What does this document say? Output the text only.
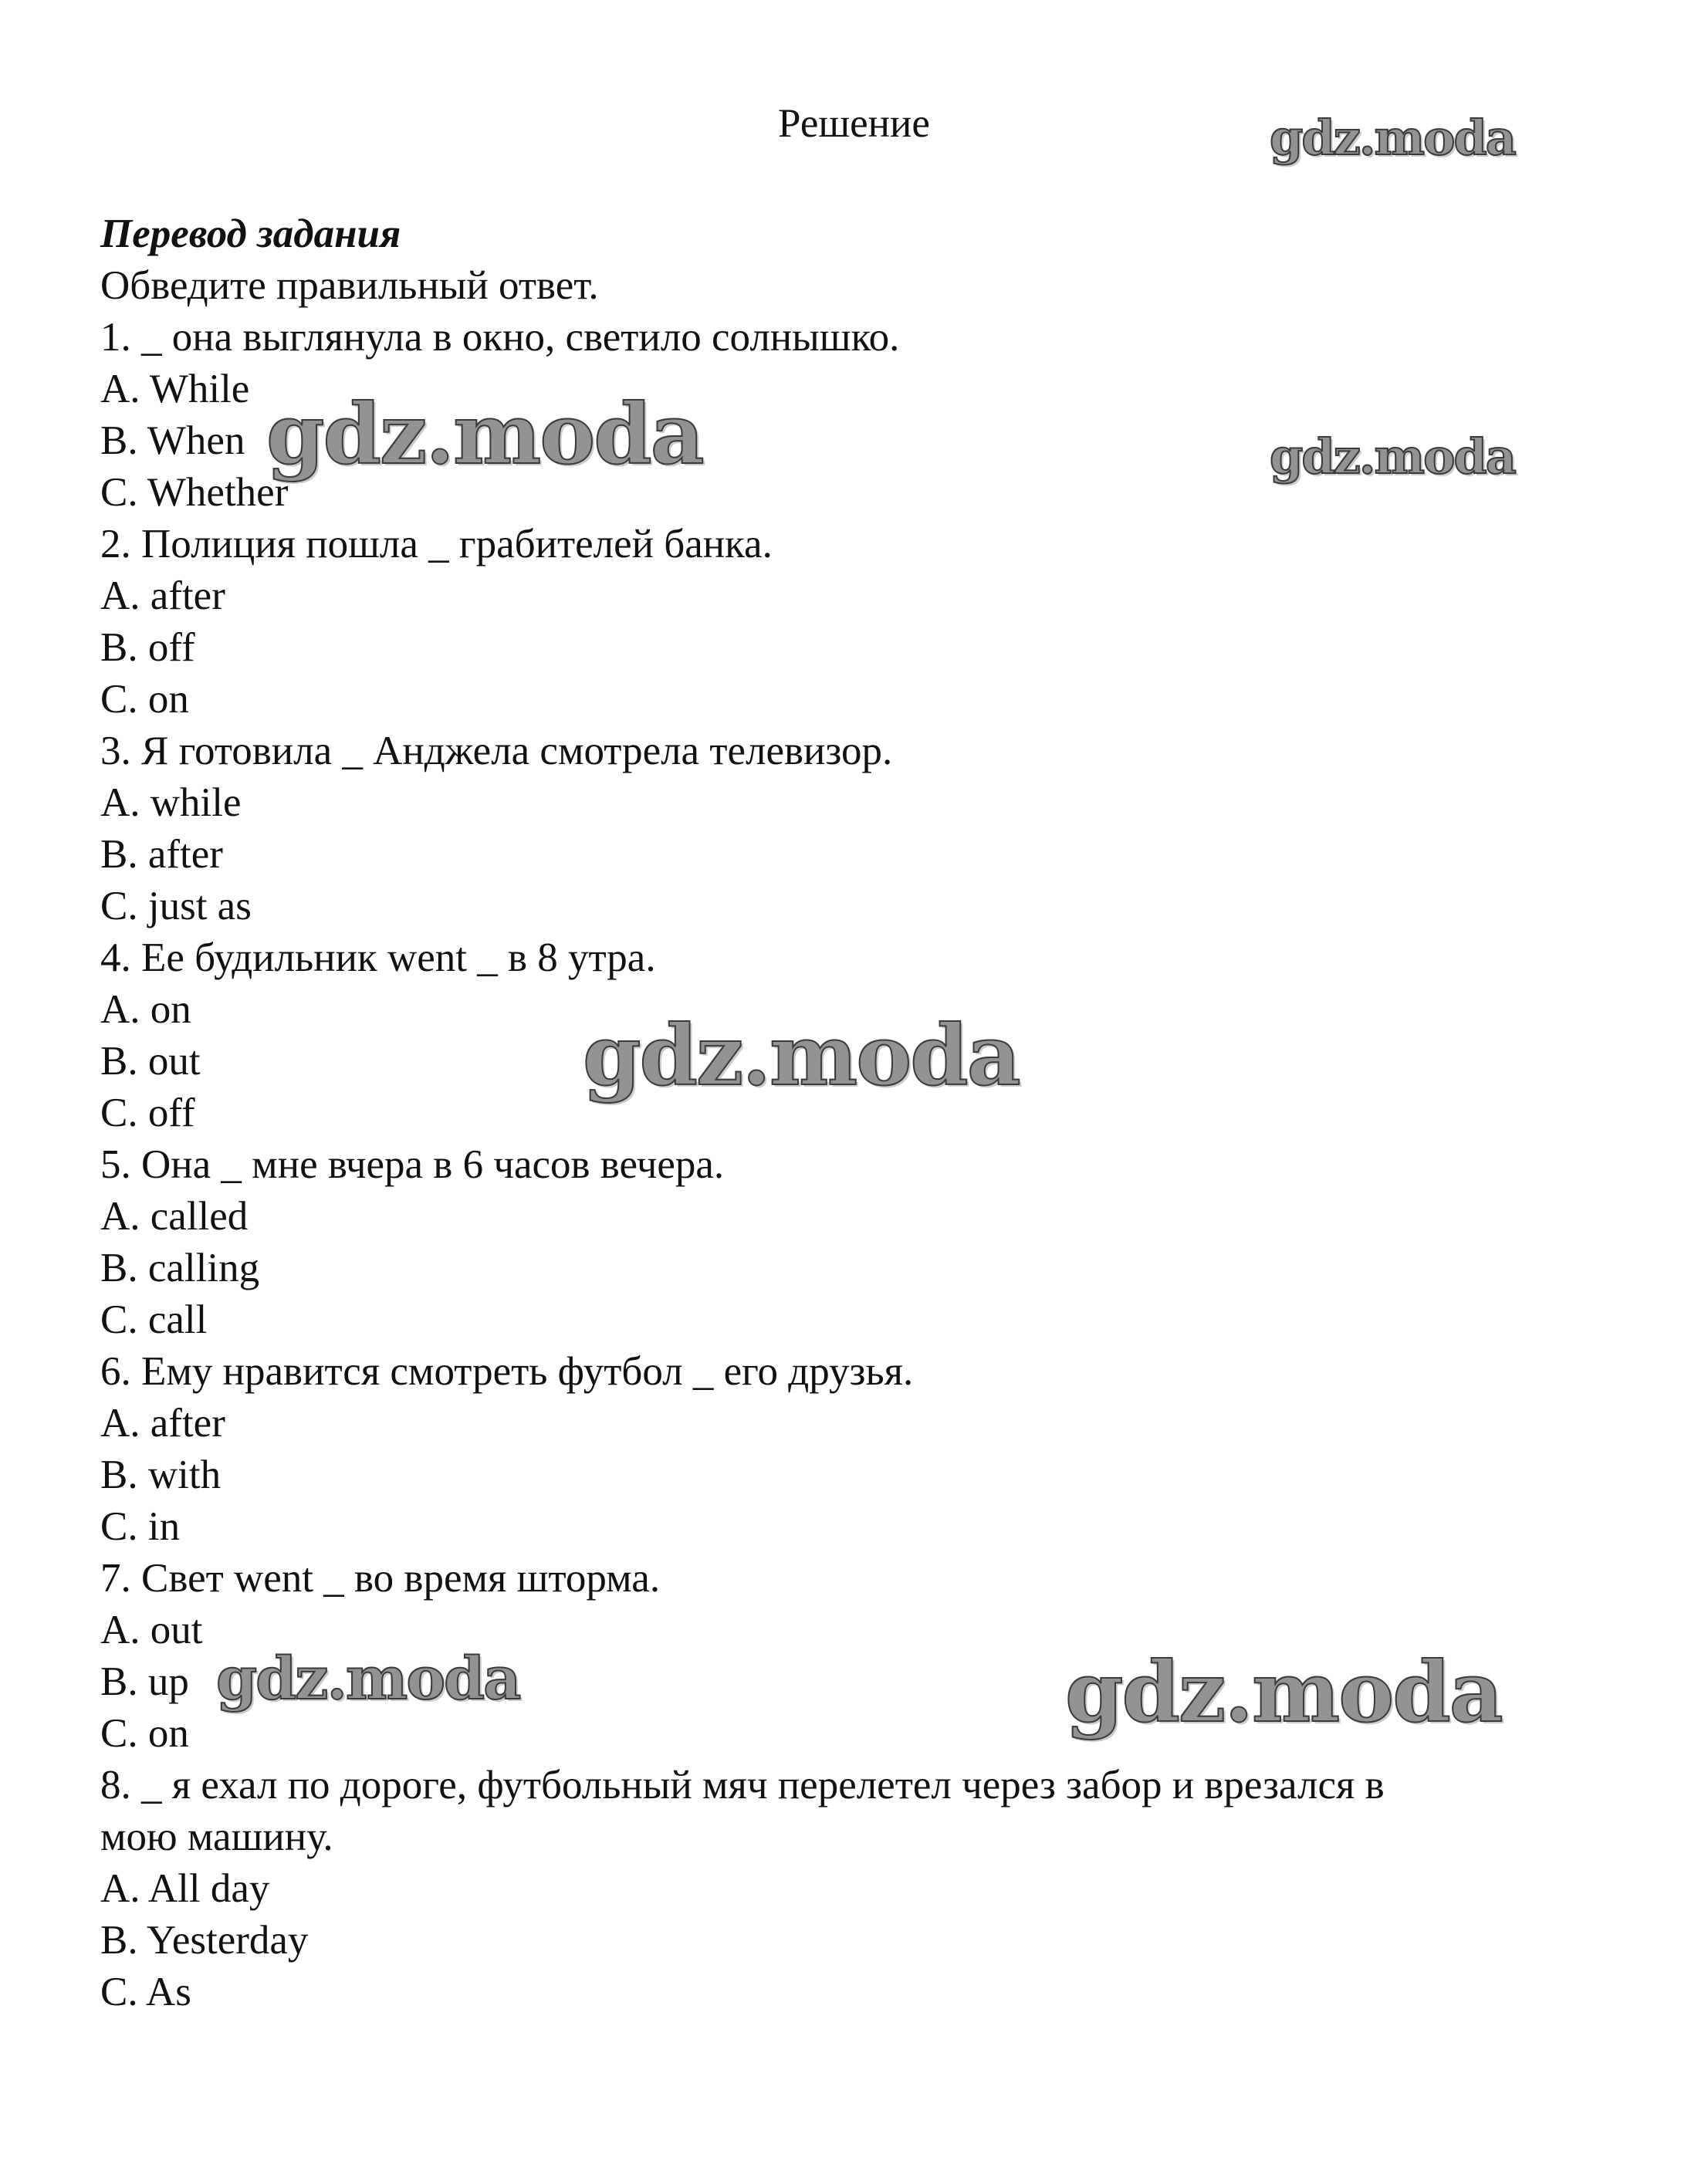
Решение
Перевод задания
Обведите правильный ответ.
1. _ она выглянула в окно, светило солнышко.
A. While
B. When
C. Whether
2. Полиция пошла _ грабителей банка.
A. after
B. off
C. on
3. Я готовила _ Анджела смотрела телевизор.
A. while
B. after
C. just as
4. Ее будильник went _ в 8 утра.
A. on
B. out
C. off
5. Она _ мне вчера в 6 часов вечера.
A. called
B. calling
C. call
6. Ему нравится смотреть футбол _ его друзья.
A. after
B. with
C. in
7. Свет went _ во время шторма.
A. out
B. up
C. on
8. _ я ехал по дороге, футбольный мяч перелетел через забор и врезался в
мою машину.
A. All day
B. Yesterday
C. As
gdz.moda
gdz.moda	gdz.moda
gdz.moda
gdz.moda	gdz.moda
